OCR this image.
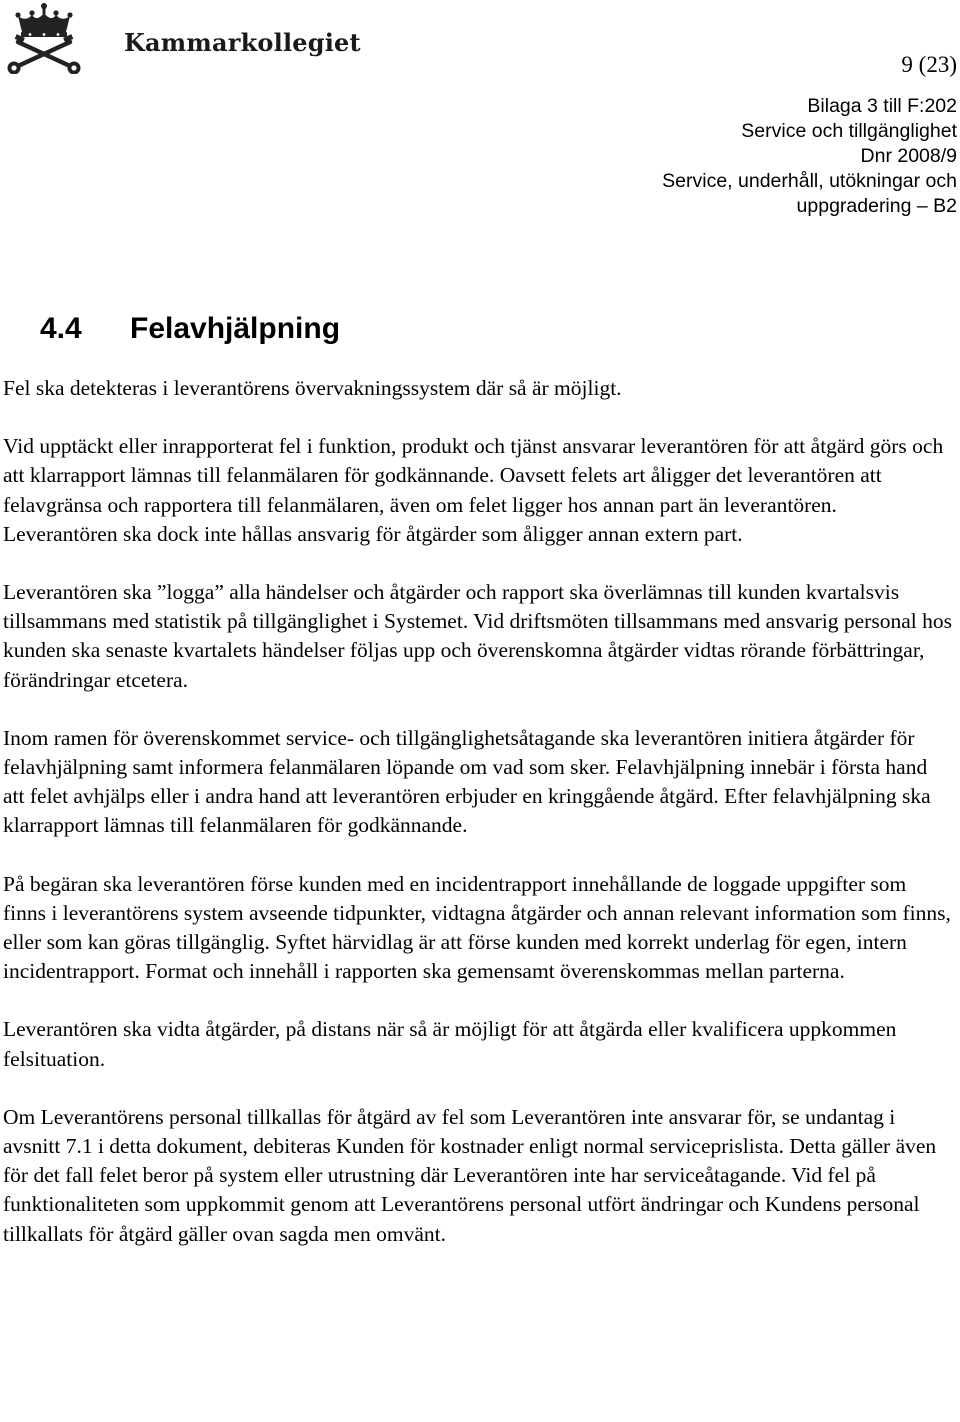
Kammarkollegiet
9 (23)
Bilaga 3 till F:202
Service och tillgänglighet
Dnr 2008/9
Service, underhåll, utökningar och
uppgradering – B2
4.4 Felavhjälpning

Fel ska detekteras i leverantörens övervakningssystem där så är möjligt.

Vid upptäckt eller inrapporterat fel i funktion, produkt och tjänst ansvarar leverantören för att åtgärd görs och att klarrapport lämnas till felanmälaren för godkännande. Oavsett felets art åligger det leverantören att felavgränsa och rapportera till felanmälaren, även om felet ligger hos annan part än leverantören. Leverantören ska dock inte hållas ansvarig för åtgärder som åligger annan extern part.

Leverantören ska ”logga” alla händelser och åtgärder och rapport ska överlämnas till kunden kvartalsvis tillsammans med statistik på tillgänglighet i Systemet. Vid driftsmöten tillsammans med ansvarig personal hos kunden ska senaste kvartalets händelser följas upp och överenskomna åtgärder vidtas rörande förbättringar, förändringar etcetera.

Inom ramen för överenskommet service- och tillgänglighetsåtagande ska leverantören initiera åtgärder för felavhjälpning samt informera felanmälaren löpande om vad som sker. Felavhjälpning innebär i första hand att felet avhjälps eller i andra hand att leverantören erbjuder en kringgående åtgärd. Efter felavhjälpning ska klarrapport lämnas till felanmälaren för godkännande.

På begäran ska leverantören förse kunden med en incidentrapport innehållande de loggade uppgifter som finns i leverantörens system avseende tidpunkter, vidtagna åtgärder och annan relevant information som finns, eller som kan göras tillgänglig. Syftet härvidlag är att förse kunden med korrekt underlag för egen, intern incidentrapport. Format och innehåll i rapporten ska gemensamt överenskommas mellan parterna.

Leverantören ska vidta åtgärder, på distans när så är möjligt för att åtgärda eller kvalificera uppkommen felsituation.

Om Leverantörens personal tillkallas för åtgärd av fel som Leverantören inte ansvarar för, se undantag i avsnitt 7.1 i detta dokument, debiteras Kunden för kostnader enligt normal serviceprislista. Detta gäller även för det fall felet beror på system eller utrustning där Leverantören inte har serviceåtagande. Vid fel på funktionaliteten som uppkommit genom att Leverantörens personal utfört ändringar och Kundens personal tillkallats för åtgärd gäller ovan sagda men omvänt.
